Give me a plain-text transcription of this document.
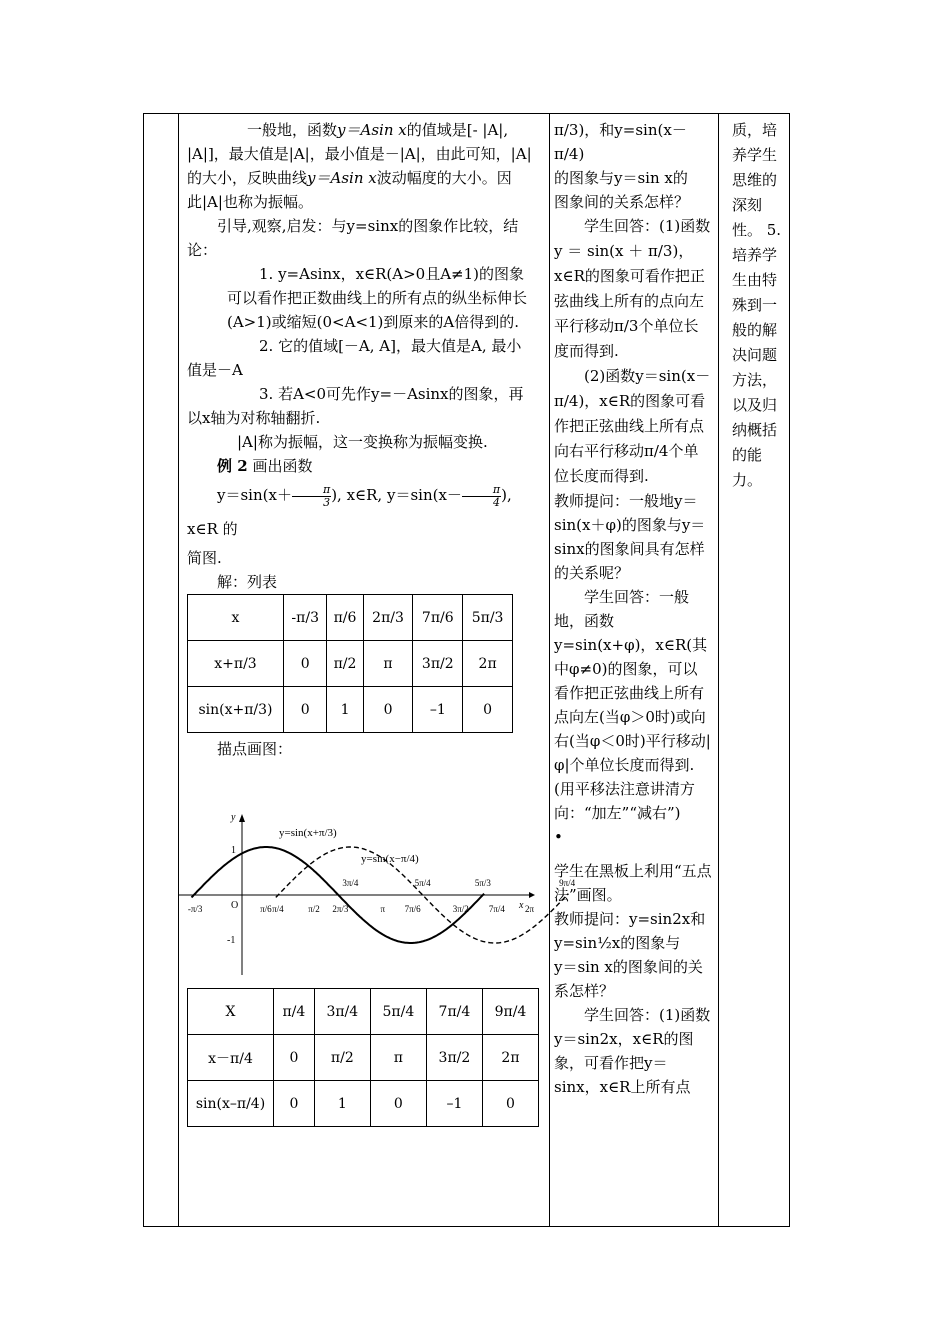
一般地，函数y＝Asin x的值域是[- |A|, |A|]，最大值是|A|，最小值是－|A|，由此可知，|A|的大小，反映曲线y＝Asin x波动幅度的大小。因此|A|也称为振幅。

引导,观察,启发：与y=sinx的图象作比较，结论：

1. y=Asinx，x∈R(A>0且A≠1)的图象可以看作把正数曲线上的所有点的纵坐标伸长(A>1)或缩短(0<A<1)到原来的A倍得到的.

2. 它的值域[－A, A]，最大值是A, 最小值是－A

3. 若A<0可先作y=－Asinx的图象，再以x轴为对称轴翻折.

|A|称为振幅，这一变换称为振幅变换.

例 2 画出函数

$y=\sin(x+ \frac{\pi}{3}$ ), x∈R, $y=\sin(x- \frac{\pi}{4}$ ), x∈R 的

简图.

解：列表

x	-π/3	π/6	2π/3	7π/6	5π/3
x+π/3	0	π/2	π	3π/2	2π
sin(x+π/3)	0	1	0	–1	0

描点画图：

y
x
O
1
-1
y=sin(x+π/3)
y=sin(x−π/4)
-π/3	π/6 π/4	π/2 2π/3	π 7π/6	3π/2 7π/4 2π
3π/4	5π/4	5π/3	9π/4
X	π/4	3π/4	5π/4	7π/4	9π/4
x－π/4	0	π/2	π	3π/2	2π
sin(x–π/4)	0	1	0	–1	0

π/3)，和y=sin(x－π/4)

的图象与y＝sin x的

图象间的关系怎样？

学生回答：(1)函数 y ＝ sin(x ＋ π/3)，x∈R的图象可看作把正弦曲线上所有的点向左平行移动π/3个单位长度而得到.

(2)函数y＝sin(x－π/4)，x∈R的图象可看作把正弦曲线上所有点向右平行移动π/4个单位长度而得到.

教师提问：一般地y＝sin(x＋φ)的图象与y＝sinx的图象间具有怎样的关系呢？

学生回答：一般地，函数y=sin(x+φ)，x∈R(其中φ≠0)的图象，可以看作把正弦曲线上所有点向左(当φ＞0时)或向右(当φ＜0时)平行移动|φ|个单位长度而得到.(用平移法注意讲清方向：“加左”“减右”)

•

学生在黑板上利用“五点法”画图。

教师提问：y=sin2x和y=sin½x的图象与

y＝sin x的图象间的关系怎样？

学生回答：(1)函数y＝sin2x，x∈R的图象，可看作把y＝sinx，x∈R上所有点

质，培养学生思维的深刻性。 5.培养学生由特殊到一般的解决问题方法，以及归纳概括的能力。
